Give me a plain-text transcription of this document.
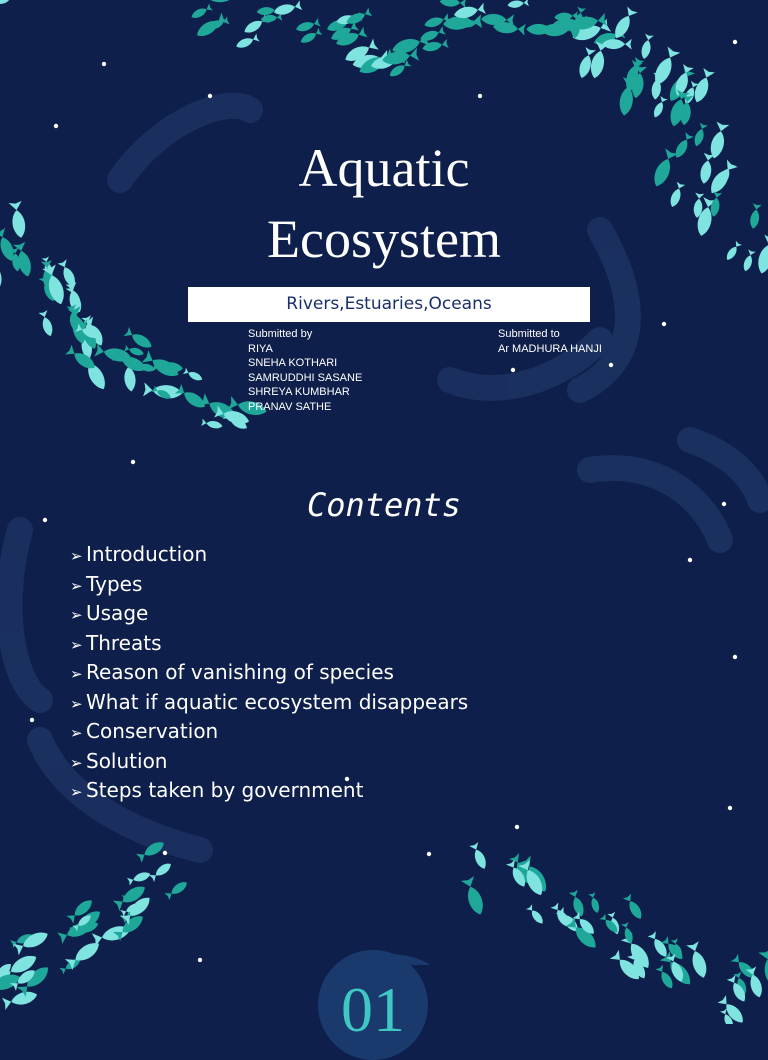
Aquatic
Ecosystem
Rivers,Estuaries,Oceans
Submitted by
RIYA
SNEHA KOTHARI
SAMRUDDHI SASANE
SHREYA KUMBHAR
PRANAV SATHE
Submitted to
Ar MADHURA HANJI
Contents
➢ Introduction
➢ Types
➢ Usage
➢ Threats
➢ Reason of vanishing of species
➢ What if aquatic ecosystem disappears
➢ Conservation
➢ Solution
➢ Steps taken by government
01
